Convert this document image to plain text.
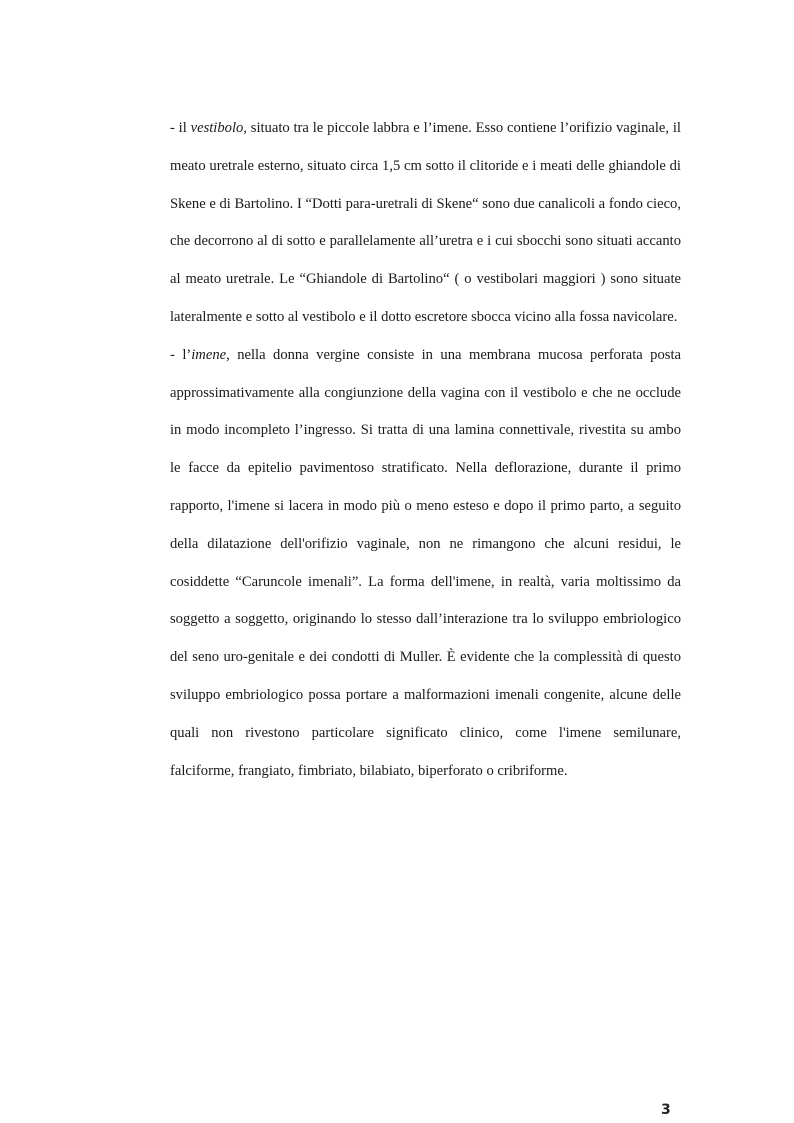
- il vestibolo, situato tra le piccole labbra e l’imene. Esso contiene l’orifizio vaginale, il meato uretrale esterno, situato circa 1,5 cm sotto il clitoride e i meati delle ghiandole di Skene e di Bartolino. I “Dotti para-uretrali di Skene“ sono due canalicoli a fondo cieco, che decorrono al di sotto e parallelamente all’uretra e i cui sbocchi sono situati accanto al meato uretrale. Le “Ghiandole di Bartolino“ ( o vestibolari maggiori ) sono situate lateralmente e sotto al vestibolo e il dotto escretore sbocca vicino alla fossa navicolare.

- l’imene, nella donna vergine consiste in una membrana mucosa perforata posta approssimativamente alla congiunzione della vagina con il vestibolo e che ne occlude in modo incompleto l’ingresso. Si tratta di una lamina connettivale, rivestita su ambo le facce da epitelio pavimentoso stratificato. Nella deflorazione, durante il primo rapporto, l'imene si lacera in modo più o meno esteso e dopo il primo parto, a seguito della dilatazione dell'orifizio vaginale, non ne rimangono che alcuni residui, le cosiddette “Caruncole imenali”. La forma dell'imene, in realtà, varia moltissimo da soggetto a soggetto, originando lo stesso dall’interazione tra lo sviluppo embriologico del seno uro-genitale e dei condotti di Muller. È evidente che la complessità di questo sviluppo embriologico possa portare a malformazioni imenali congenite, alcune delle quali non rivestono particolare significato clinico, come l'imene semilunare, falciforme, frangiato, fimbriato, bilabiato, biperforato o cribriforme.

3
